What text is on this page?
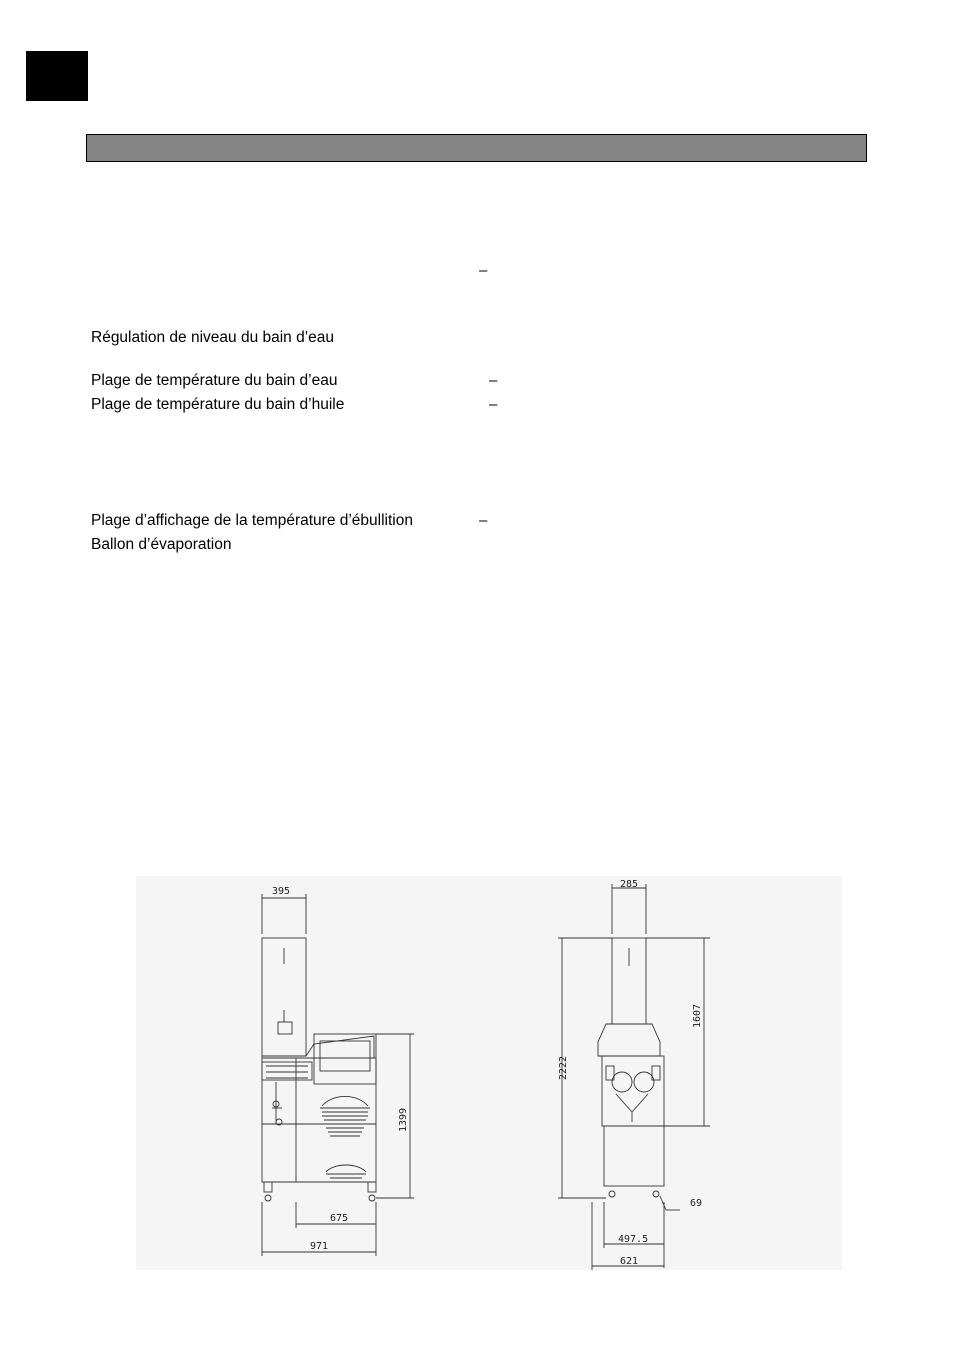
–
Régulation de niveau du bain d’eau
Plage de température du bain d’eau	–
Plage de température du bain d’huile	–
Plage d’affichage de la température d’ébullition	–
Ballon d’évaporation
395
1399
675
971
285
2222
1607
69
497.5
621
